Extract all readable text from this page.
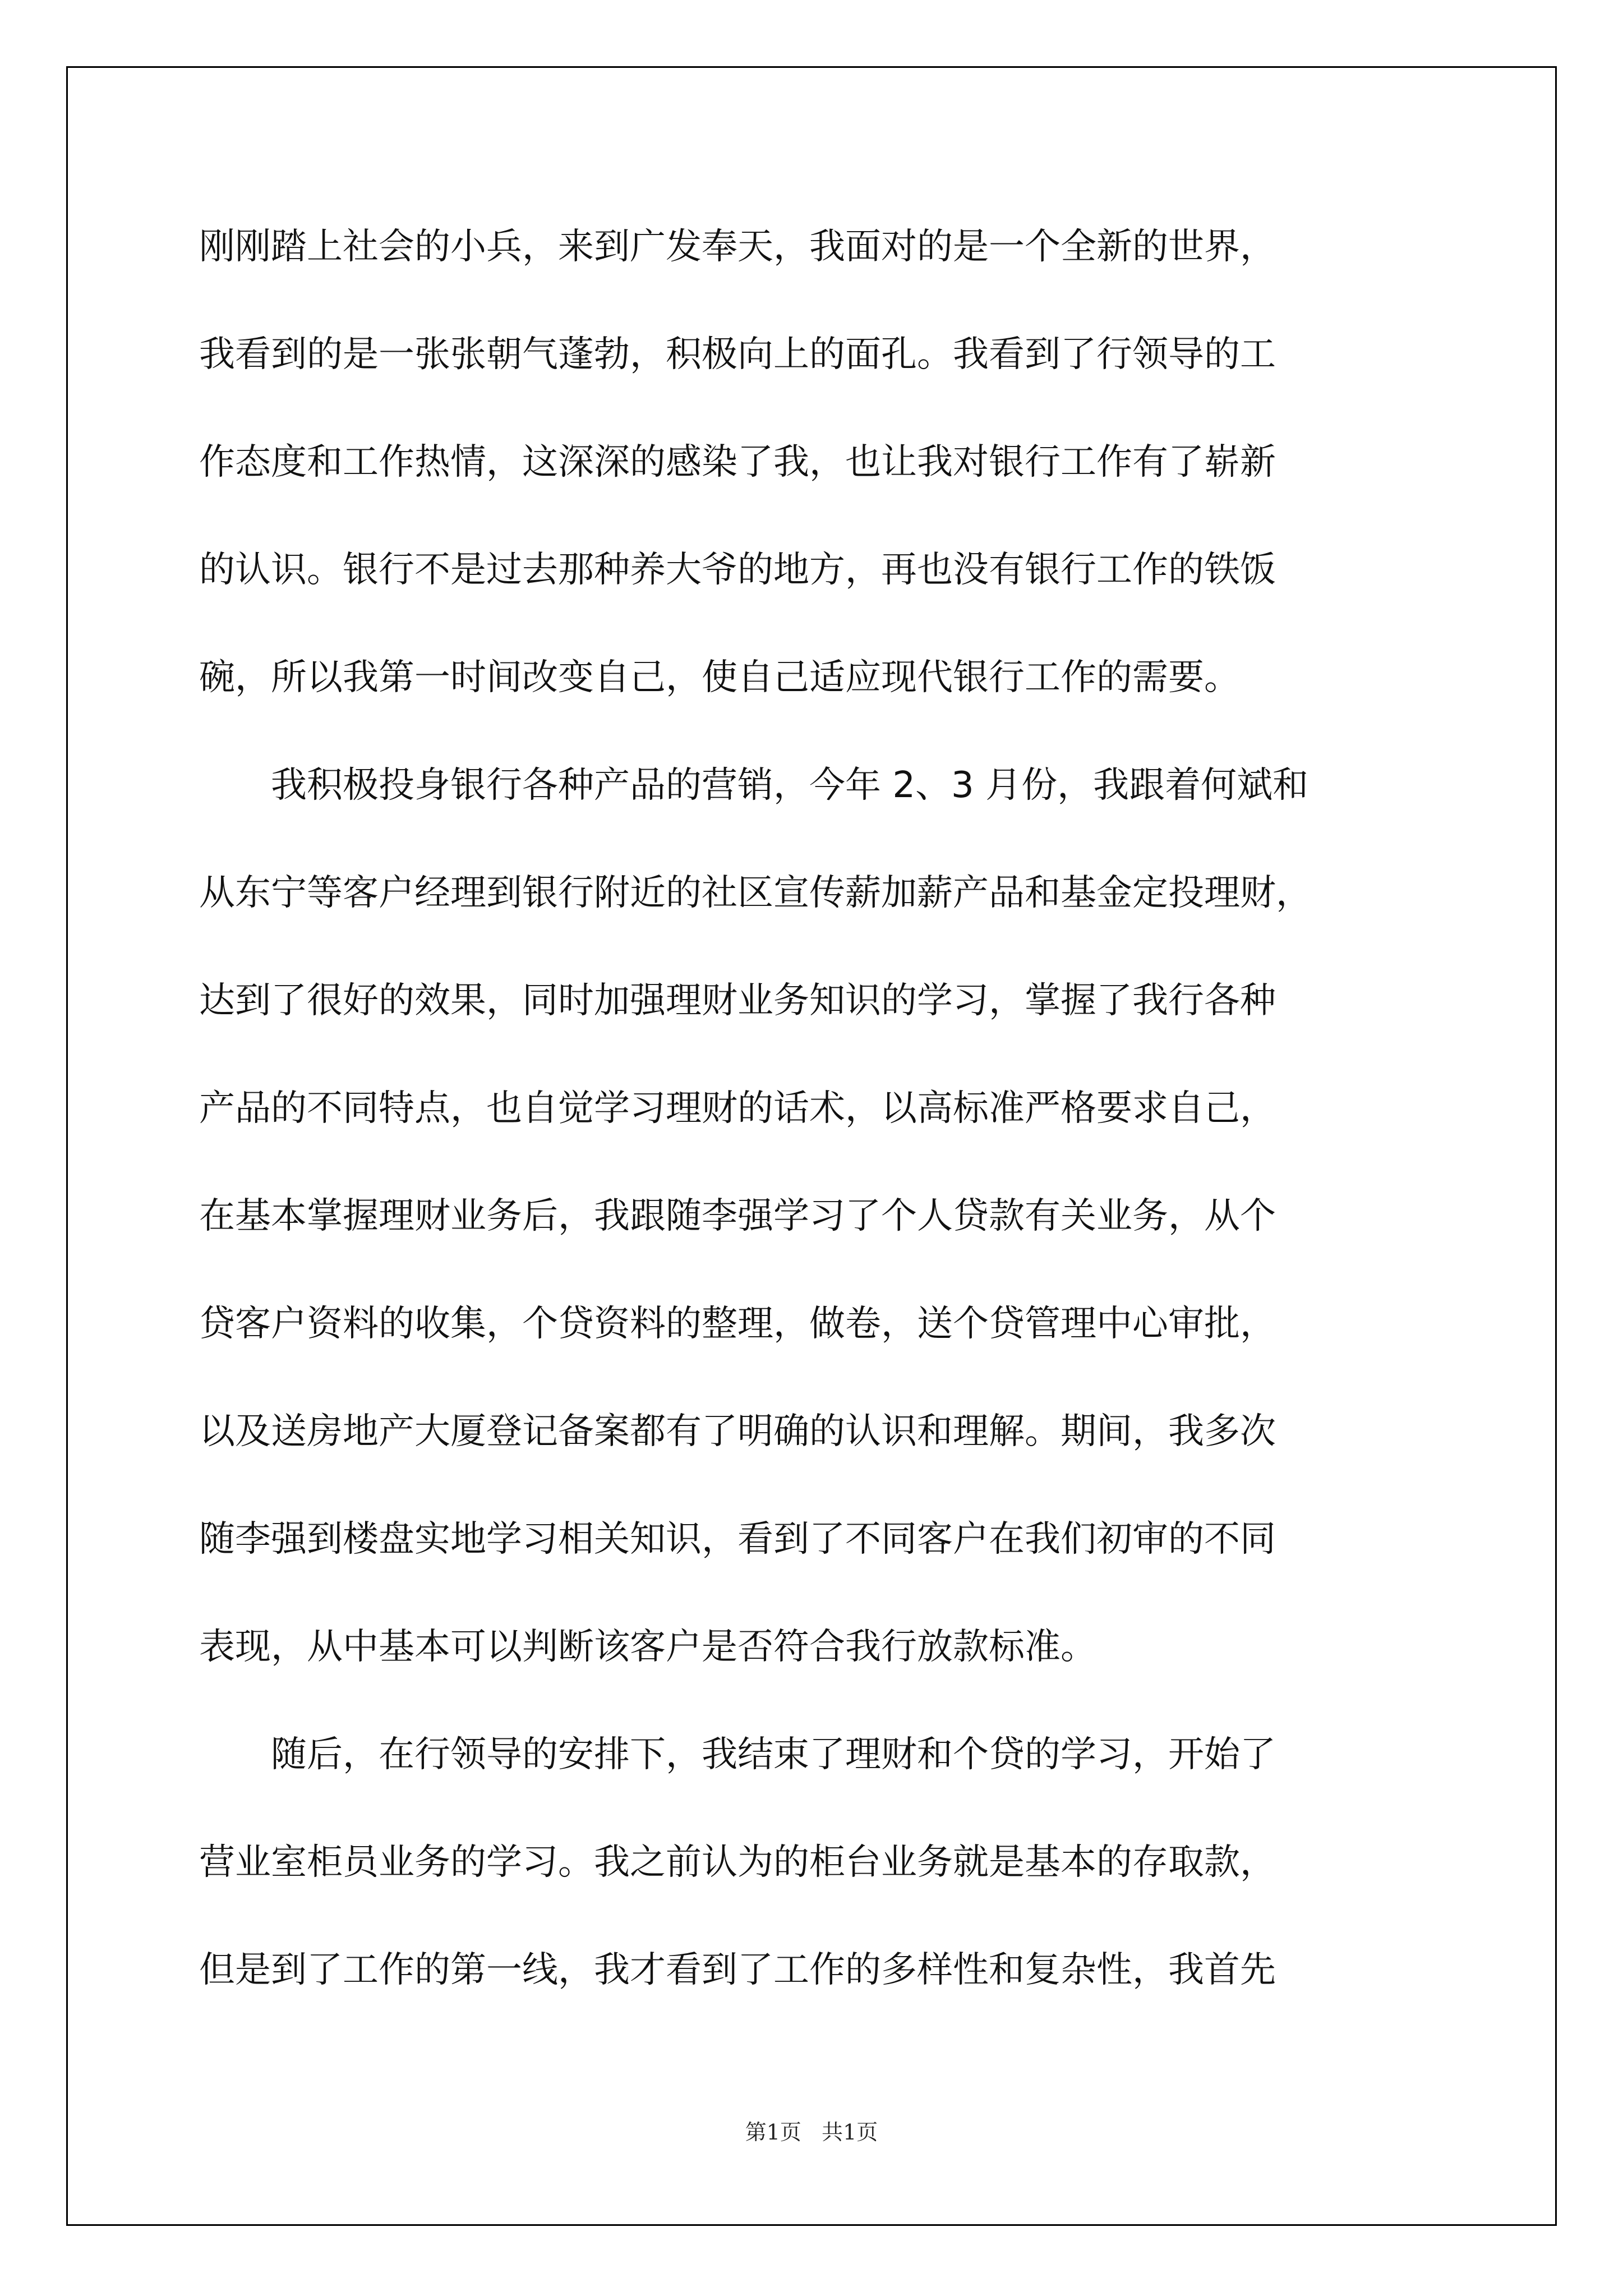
刚刚踏上社会的小兵，来到广发奉天，我面对的是一个全新的世界，
我看到的是一张张朝气蓬勃，积极向上的面孔。我看到了行领导的工
作态度和工作热情，这深深的感染了我，也让我对银行工作有了崭新
的认识。银行不是过去那种养大爷的地方，再也没有银行工作的铁饭
碗，所以我第一时间改变自己，使自己适应现代银行工作的需要。
　　我积极投身银行各种产品的营销，今年 2、3 月份，我跟着何斌和
从东宁等客户经理到银行附近的社区宣传薪加薪产品和基金定投理财，
达到了很好的效果，同时加强理财业务知识的学习，掌握了我行各种
产品的不同特点，也自觉学习理财的话术，以高标准严格要求自己，
在基本掌握理财业务后，我跟随李强学习了个人贷款有关业务，从个
贷客户资料的收集，个贷资料的整理，做卷，送个贷管理中心审批，
以及送房地产大厦登记备案都有了明确的认识和理解。期间，我多次
随李强到楼盘实地学习相关知识，看到了不同客户在我们初审的不同
表现，从中基本可以判断该客户是否符合我行放款标准。
　　随后，在行领导的安排下，我结束了理财和个贷的学习，开始了
营业室柜员业务的学习。我之前认为的柜台业务就是基本的存取款，
但是到了工作的第一线，我才看到了工作的多样性和复杂性，我首先
第1页   共1页
